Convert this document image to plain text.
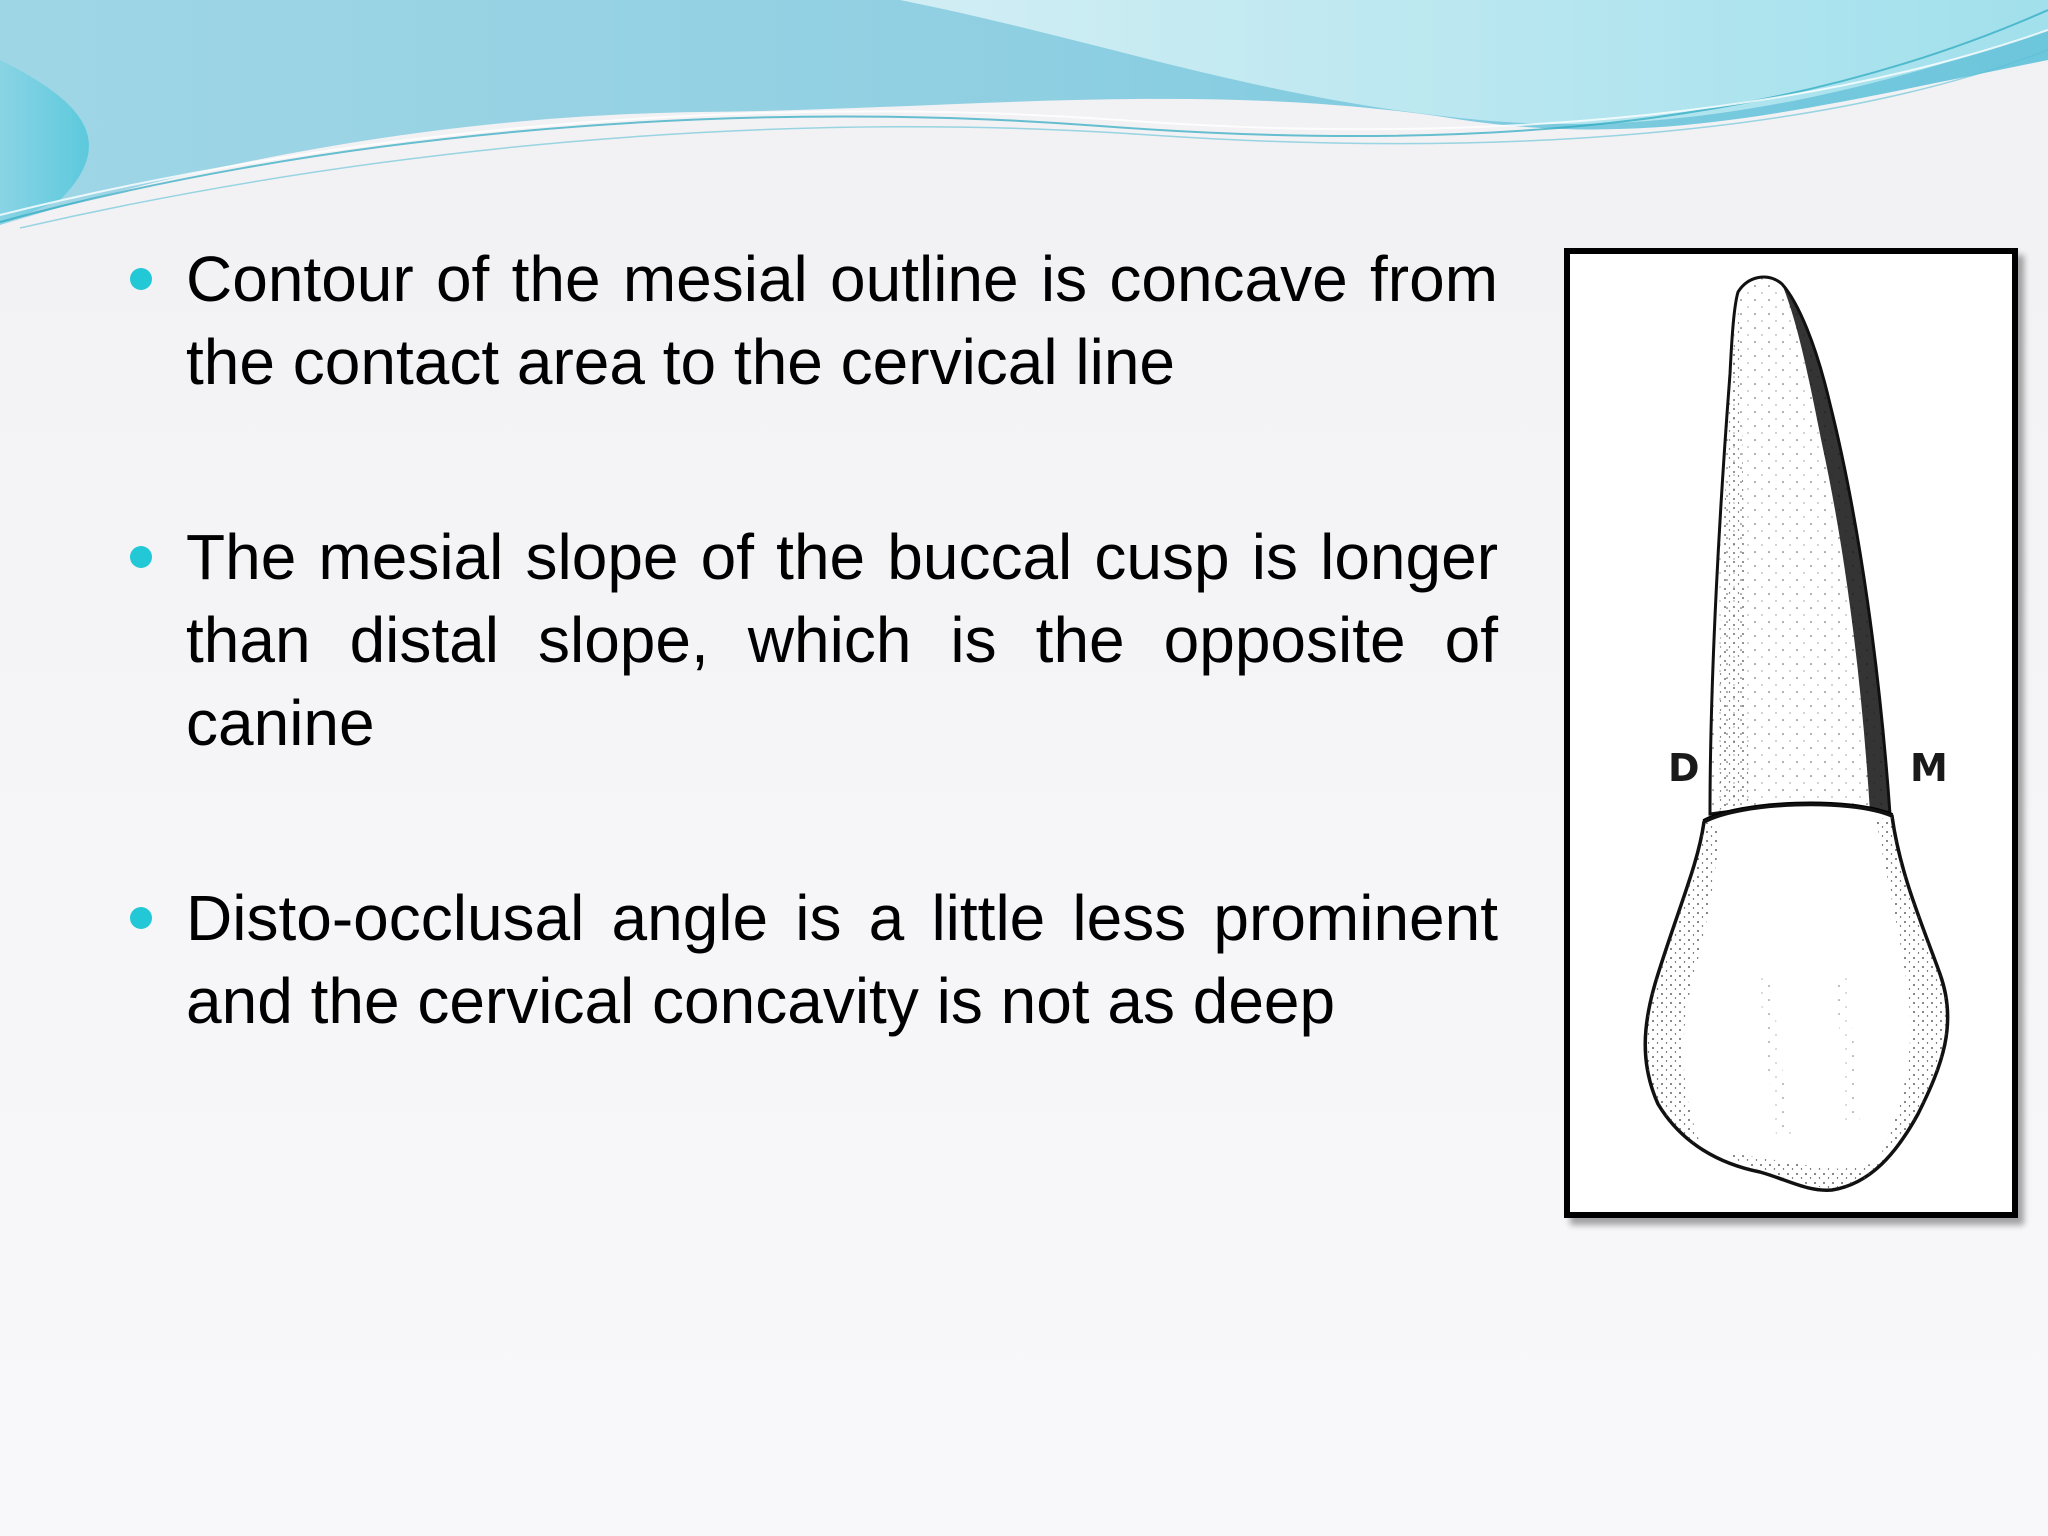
Contour of the mesial outline is concave from the contact area to the cervical line
The mesial slope of the buccal cusp is longer than distal slope, which is the opposite of canine
Disto-occlusal angle is a little less prominent and the cervical concavity is not as deep
D	M
